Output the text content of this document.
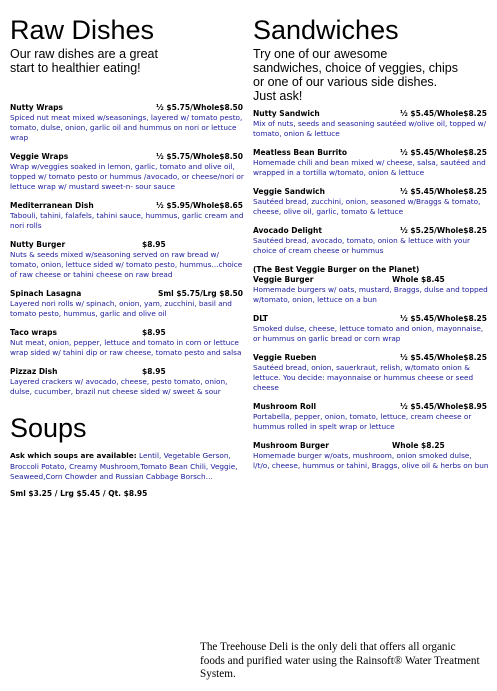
Raw Dishes

Our raw dishes are a great start to healthier eating!

Nutty Wraps	½ $5.75/Whole$8.50
Spiced nut meat mixed w/seasonings, layered w/ tomato pesto, tomato, dulse, onion, garlic oil and hummus on nori or lettuce wrap
Veggie Wraps	½ $5.75/Whole$8.50
Wrap w/veggies soaked in lemon, garlic, tomato and olive oil, topped w/ tomato pesto or hummus /avocado, or cheese/nori or lettuce wrap w/ mustard sweet-n- sour sauce
Mediterranean Dish	½ $5.95/Whole$8.65
Tabouli, tahini, falafels, tahini sauce, hummus, garlic cream and nori rolls
Nutty Burger	$8.95
Nuts & seeds mixed w/seasoning served on raw bread w/ tomato, onion, lettuce sided w/ tomato pesto, hummus…choice of raw cheese or tahini cheese on raw bread
Spinach Lasagna	Sml $5.75/Lrg $8.50
Layered nori rolls w/ spinach, onion, yam, zucchini, basil and tomato pesto, hummus, garlic and olive oil
Taco wraps	$8.95
Nut meat, onion, pepper, lettuce and tomato in corn or lettuce wrap sided w/ tahini dip or raw cheese, tomato pesto and salsa
Pizzaz Dish	$8.95
Layered crackers w/ avocado, cheese, pesto tomato, onion, dulse, cucumber, brazil nut cheese sided w/ sweet & sour
Soups
Ask which soups are available: Lentil, Vegetable Gerson, Broccoli Potato, Creamy Mushroom,Tomato Bean Chili, Veggie, Seaweed,Corn Chowder and Russian Cabbage Borsch…
Sml $3.25 / Lrg $5.45 / Qt. $8.95
Sandwiches

Try one of our awesome sandwiches, choice of veggies, chips or one of our various side dishes. Just ask!

Nutty Sandwich	½ $5.45/Whole$8.25
Mix of nuts, seeds and seasoning sautéed w/olive oil, topped w/ tomato, onion & lettuce
Meatless Bean Burrito	½ $5.45/Whole$8.25
Homemade chili and bean mixed w/ cheese, salsa, sautéed and wrapped in a tortilla w/tomato, onion & lettuce
Veggie Sandwich	½ $5.45/Whole$8.25
Sautéed bread, zucchini, onion, seasoned w/Braggs & tomato, cheese, olive oil, garlic, tomato & lettuce
Avocado Delight	½ $5.25/Whole$8.25
Sautéed bread, avocado, tomato, onion & lettuce with your choice of cream cheese or hummus
(The Best Veggie Burger on the Planet)
Veggie Burger	Whole $8.45
Homemade burgers w/ oats, mustard, Braggs, dulse and topped w/tomato, onion, lettuce on a bun
DLT	½ $5.45/Whole$8.25
Smoked dulse, cheese, lettuce tomato and onion, mayonnaise, or hummus on garlic bread or corn wrap
Veggie Rueben	½ $5.45/Whole$8.25
Sautéed bread, onion, sauerkraut, relish, w/tomato onion & lettuce. You decide: mayonnaise or hummus cheese or seed cheese
Mushroom Roll	½ $5.45/Whole$8.95
Portabella, pepper, onion, tomato, lettuce, cream cheese or hummus rolled in spelt wrap or lettuce
Mushroom Burger	Whole $8.25
Homemade burger w/oats, mushroom, onion smoked dulse, l/t/o, cheese, hummus or tahini, Braggs, olive oil & herbs on bun
The Treehouse Deli is the only deli that offers all organic foods and purified water using the Rainsoft® Water Treatment System.
